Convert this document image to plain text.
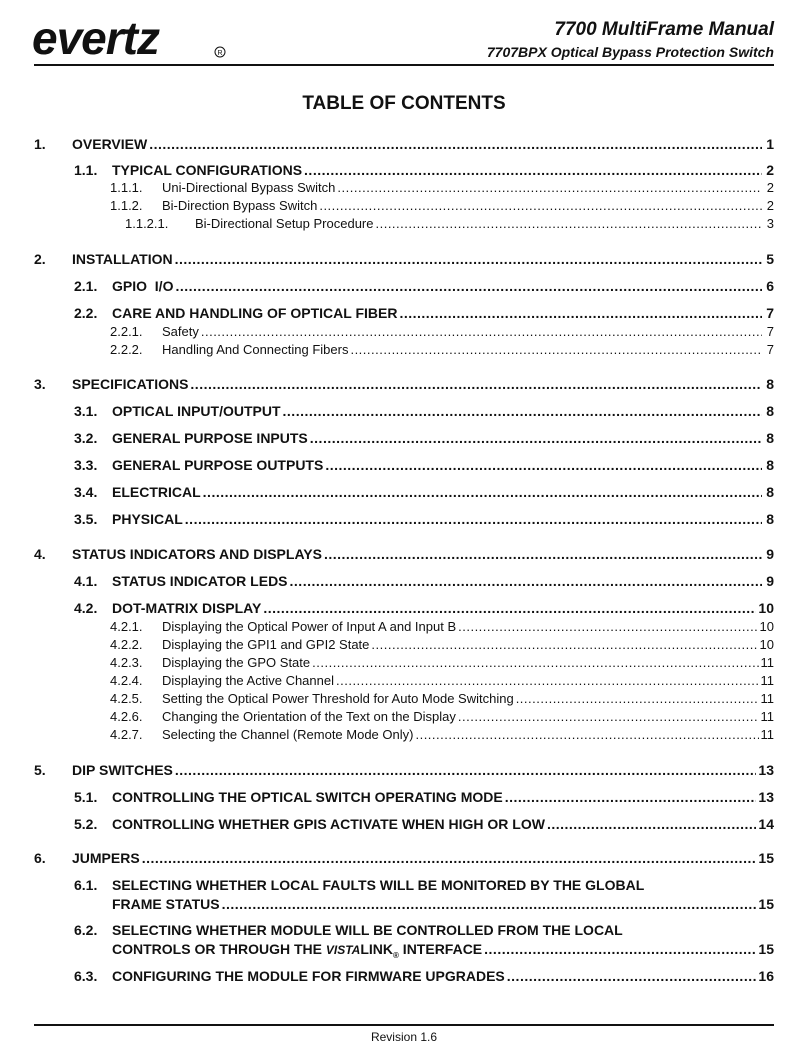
evertz	R
7700 MultiFrame Manual
7707BPX Optical Bypass Protection Switch
TABLE OF CONTENTS
1. OVERVIEW .....	1
1.1. TYPICAL CONFIGURATIONS .....	2
1.1.1. Uni-Directional Bypass Switch .....	2
1.1.2. Bi-Direction Bypass Switch .....	2
1.1.2.1. Bi-Directional Setup Procedure .....	3
2. INSTALLATION .....	5
2.1. GPIO  I/O .....	6
2.2. CARE AND HANDLING OF OPTICAL FIBER .....	7
2.2.1. Safety .....	7
2.2.2. Handling And Connecting Fibers .....	7
3. SPECIFICATIONS .....	8
3.1. OPTICAL INPUT/OUTPUT .....	8
3.2. GENERAL PURPOSE INPUTS .....	8
3.3. GENERAL PURPOSE OUTPUTS .....	8
3.4. ELECTRICAL .....	8
3.5. PHYSICAL .....	8
4. STATUS INDICATORS AND DISPLAYS .....	9
4.1. STATUS INDICATOR LEDS .....	9
4.2. DOT-MATRIX DISPLAY .....	10
4.2.1. Displaying the Optical Power of Input A and Input B .....	10
4.2.2. Displaying the GPI1 and GPI2 State .....	10
4.2.3. Displaying the GPO State .....	11
4.2.4. Displaying the Active Channel .....	11
4.2.5. Setting the Optical Power Threshold for Auto Mode Switching .....	11
4.2.6. Changing the Orientation of the Text on the Display .....	11
4.2.7. Selecting the Channel (Remote Mode Only) .....	11
5. DIP SWITCHES .....	13
5.1. CONTROLLING THE OPTICAL SWITCH OPERATING MODE .....	13
5.2. CONTROLLING WHETHER GPIS ACTIVATE WHEN HIGH OR LOW .....	14
6. JUMPERS .....	15
6.1. SELECTING WHETHER LOCAL FAULTS WILL BE MONITORED BY THE GLOBAL
FRAME STATUS .....	15
6.2. SELECTING WHETHER MODULE WILL BE CONTROLLED FROM THE LOCAL
CONTROLS OR THROUGH THE $VISTALINK_®$ INTERFACE .....	15
6.3. CONFIGURING THE MODULE FOR FIRMWARE UPGRADES .....	16
Revision 1.6
